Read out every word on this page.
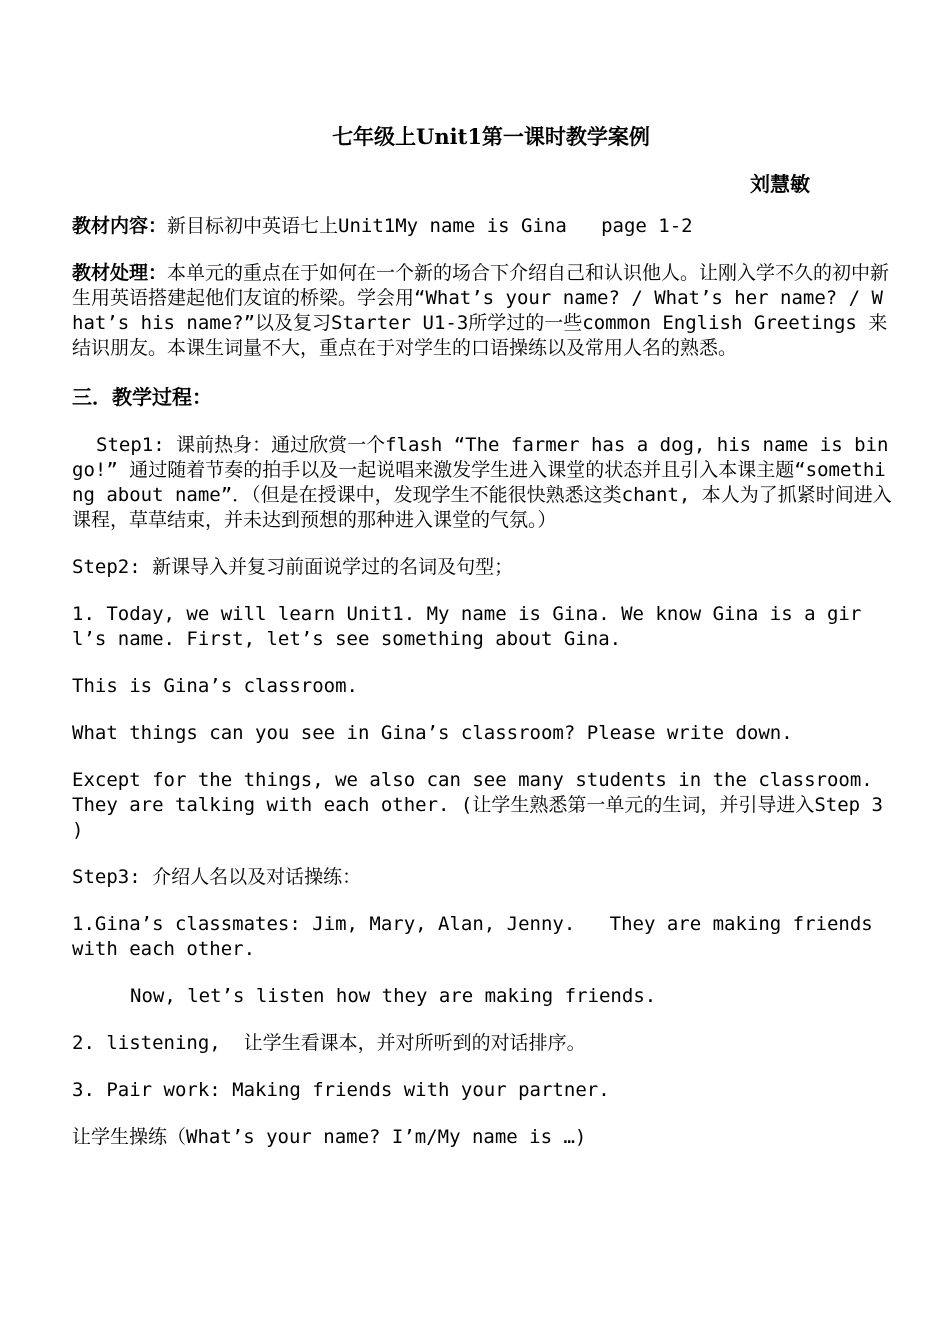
七年级上Unit1第一课时教学案例
刘慧敏

教材内容：新目标初中英语七上Unit1My name is Gina   page 1-2

教材处理：本单元的重点在于如何在一个新的场合下介绍自己和认识他人。让刚入学不久的初中新生用英语搭建起他们友谊的桥梁。学会用“What’s your name? / What’s her name? / What’s his name?”以及复习Starter U1-3所学过的一些common English Greetings 来结识朋友。本课生词量不大，重点在于对学生的口语操练以及常用人名的熟悉。

三．教学过程：

Step1: 课前热身：通过欣赏一个flash “The farmer has a dog, his name is bingo!” 通过随着节奏的拍手以及一起说唱来激发学生进入课堂的状态并且引入本课主题“something about name”．（但是在授课中，发现学生不能很快熟悉这类chant, 本人为了抓紧时间进入课程，草草结束，并未达到预想的那种进入课堂的气氛。）

Step2: 新课导入并复习前面说学过的名词及句型；

1. Today, we will learn Unit1. My name is Gina. We know Gina is a girl’s name. First, let’s see something about Gina.

This is Gina’s classroom.

What things can you see in Gina’s classroom? Please write down.

Except for the things, we also can see many students in the classroom. They are talking with each other. (让学生熟悉第一单元的生词，并引导进入Step 3 )

Step3: 介绍人名以及对话操练：

1.Gina’s classmates: Jim, Mary, Alan, Jenny.   They are making friends with each other.

Now, let’s listen how they are making friends.

2. listening,  让学生看课本，并对所听到的对话排序。

3. Pair work: Making friends with your partner.

让学生操练（What’s your name? I’m/My name is …)
